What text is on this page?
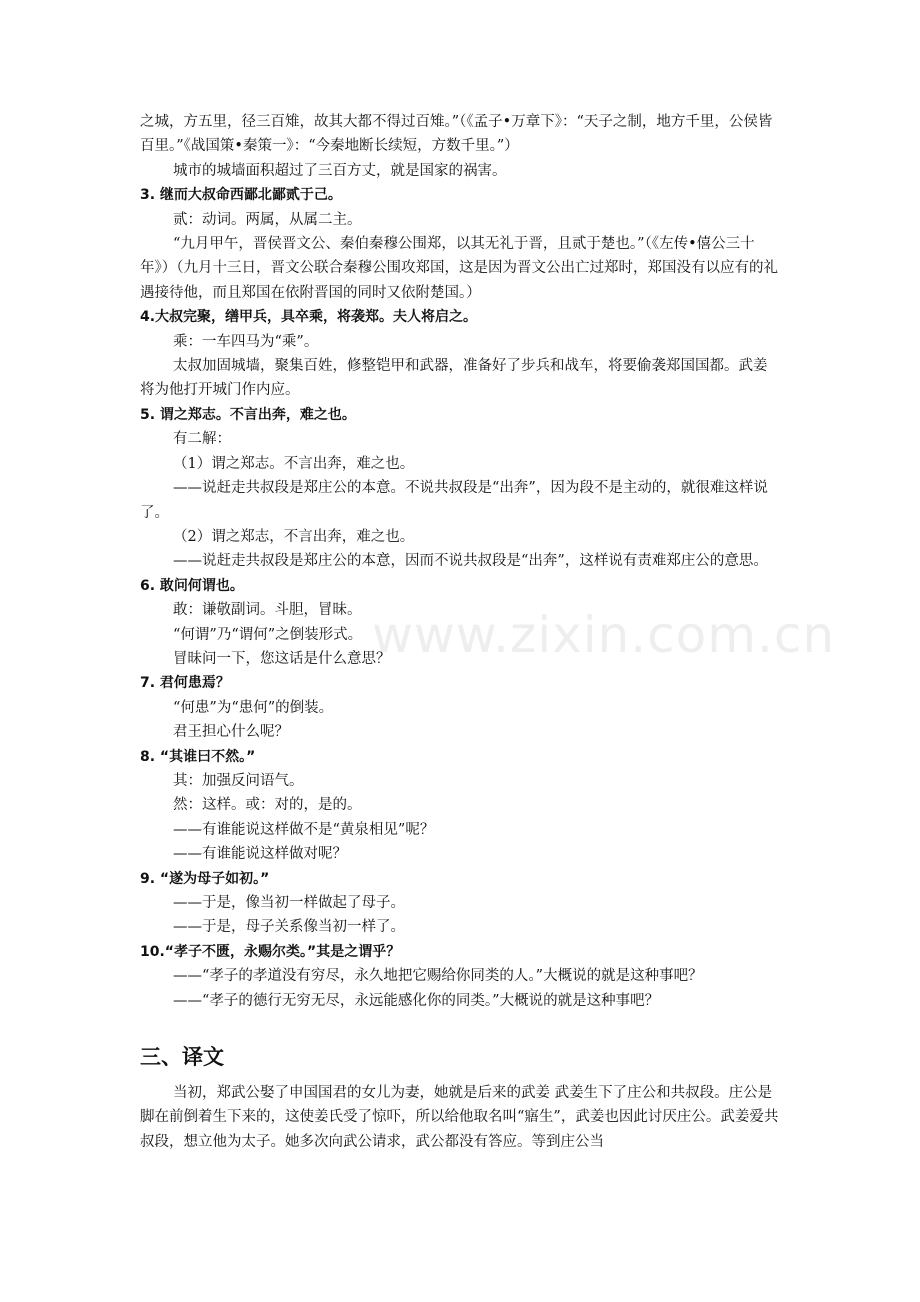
之城，方五里，径三百雉，故其大都不得过百雉。”（《孟子•万章下》：“天子之制，地方千里，公侯皆百里。”《战国策•秦策一》：“今秦地断长续短，方数千里。”）

城市的城墙面积超过了三百方丈，就是国家的祸害。

3. 继而大叔命西鄙北鄙贰于己。

贰：动词。两属，从属二主。

“九月甲午，晋侯晋文公、秦伯秦穆公围郑，以其无礼于晋，且贰于楚也。”（《左传•僖公三十年》）（九月十三日，晋文公联合秦穆公围攻郑国，这是因为晋文公出亡过郑时，郑国没有以应有的礼遇接待他，而且郑国在依附晋国的同时又依附楚国。）

4.大叔完聚，缮甲兵，具卒乘，将袭郑。夫人将启之。

乘：一车四马为“乘”。

太叔加固城墙，聚集百姓，修整铠甲和武器，准备好了步兵和战车，将要偷袭郑国国都。武姜将为他打开城门作内应。

5. 谓之郑志。不言出奔，难之也。

有二解：

（1）谓之郑志。不言出奔，难之也。

——说赶走共叔段是郑庄公的本意。不说共叔段是“出奔”，因为段不是主动的，就很难这样说了。

（2）谓之郑志，不言出奔，难之也。

——说赶走共叔段是郑庄公的本意，因而不说共叔段是“出奔”，这样说有责难郑庄公的意思。

6. 敢问何谓也。

敢：谦敬副词。斗胆，冒昧。

“何谓”乃“谓何”之倒装形式。

冒昧问一下，您这话是什么意思？

7. 君何患焉？

“何患”为“患何”的倒装。

君王担心什么呢？

8. “其谁曰不然。”

其：加强反问语气。

然：这样。或：对的，是的。

——有谁能说这样做不是“黄泉相见”呢？

——有谁能说这样做对呢？

9. “遂为母子如初。”

——于是，像当初一样做起了母子。

——于是，母子关系像当初一样了。

10.“孝子不匮，永赐尔类。”其是之谓乎？

——“孝子的孝道没有穷尽，永久地把它赐给你同类的人。”大概说的就是这种事吧？

——“孝子的德行无穷无尽，永远能感化你的同类。”大概说的就是这种事吧？

三、译文

当初，郑武公娶了申国国君的女儿为妻，她就是后来的武姜 武姜生下了庄公和共叔段。庄公是脚在前倒着生下来的，这使姜氏受了惊吓，所以给他取名叫“寤生”，武姜也因此讨厌庄公。武姜爱共叔段，想立他为太子。她多次向武公请求，武公都没有答应。等到庄公当

www.zixin.com.cn
